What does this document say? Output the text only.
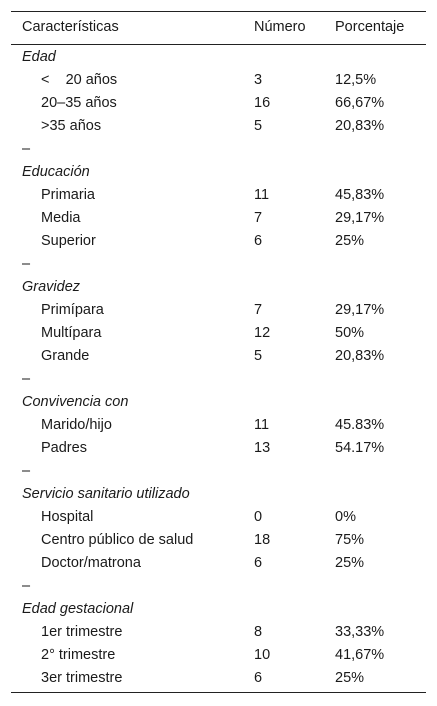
Características	Número Porcentaje
Edad
<    20 años	3	12,5%
20–35 años	16	66,67%
>35 años	5	20,83%
–
Educación
Primaria	11	45,83%
Media	7	29,17%
Superior	6	25%
–
Gravidez
Primípara	7	29,17%
Multípara	12	50%
Grande	5	20,83%
–
Convivencia con
Marido/hijo	11	45.83%
Padres	13	54.17%
–
Servicio sanitario utilizado
Hospital	0	0%
Centro público de salud	18	75%
Doctor/matrona	6	25%
–
Edad gestacional
1er trimestre	8	33,33%
2° trimestre	10	41,67%
3er trimestre	6	25%
